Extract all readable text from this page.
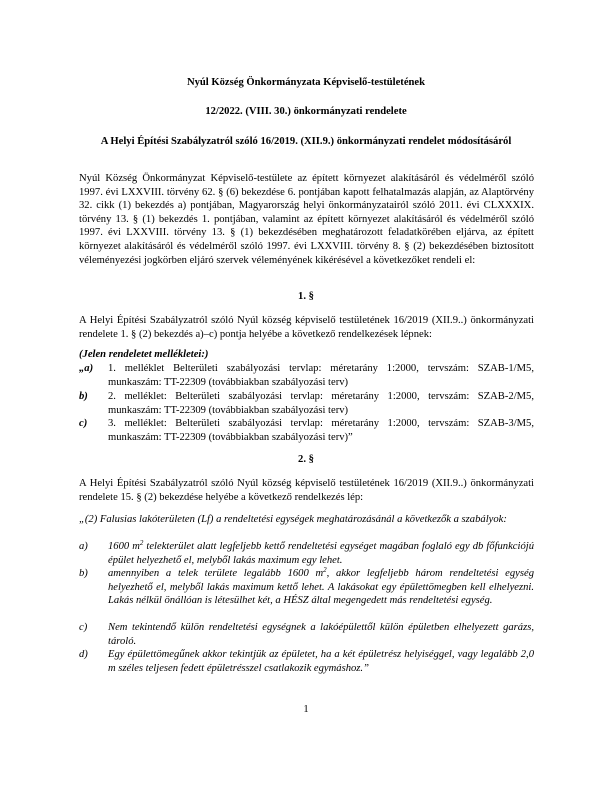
Nyúl Község Önkormányzata Képviselő-testületének
12/2022. (VIII. 30.) önkormányzati rendelete
A Helyi Építési Szabályzatról szóló 16/2019. (XII.9.) önkormányzati rendelet módosításáról
Nyúl Község Önkormányzat Képviselő-testülete az épített környezet alakításáról és védelméről szóló 1997. évi LXXVIII. törvény 62. § (6) bekezdése 6. pontjában kapott felhatalmazás alapján, az Alaptörvény 32. cikk (1) bekezdés a) pontjában, Magyarország helyi önkormányzatairól szóló 2011. évi CLXXXIX. törvény 13. § (1) bekezdés 1. pontjában, valamint az épített környezet alakításáról és védelméről szóló 1997. évi LXXVIII. törvény 13. § (1) bekezdésében meghatározott feladatkörében eljárva, az épített környezet alakításáról és védelméről szóló 1997. évi LXXVIII. törvény 8. § (2) bekezdésében biztosított véleményezési jogkörben eljáró szervek véleményének kikérésével a következőket rendeli el:
1. §
A Helyi Építési Szabályzatról szóló Nyúl község képviselő testületének 16/2019 (XII.9..) önkormányzati rendelete 1. § (2) bekezdés a)–c) pontja helyébe a következő rendelkezések lépnek:
(Jelen rendeletet mellékletei:)
„a)	1. melléklet Belterületi szabályozási tervlap: méretarány 1:2000, tervszám: SZAB-1/M5, munkaszám: TT-22309 (továbbiakban szabályozási terv)
b)	2. melléklet: Belterületi szabályozási tervlap: méretarány 1:2000, tervszám: SZAB-2/M5, munkaszám: TT-22309 (továbbiakban szabályozási terv)
c)	3. melléklet: Belterületi szabályozási tervlap: méretarány 1:2000, tervszám: SZAB-3/M5, munkaszám: TT-22309 (továbbiakban szabályozási terv)”
2. §
A Helyi Építési Szabályzatról szóló Nyúl község képviselő testületének 16/2019 (XII.9..) önkormányzati rendelete 15. § (2) bekezdése helyébe a következő rendelkezés lép:
„(2) Falusias lakóterületen (Lf) a rendeltetési egységek meghatározásánál a következők a szabályok:
a)	1600 $m^2$ telekterület alatt legfeljebb kettő rendeltetési egységet magában foglaló egy db főfunkciójú épület helyezhető el, melyből lakás maximum egy lehet.
b)	amennyiben a telek területe legalább 1600 $m^2$, akkor legfeljebb három rendeltetési egység helyezhető el, melyből lakás maximum kettő lehet. A lakásokat egy épülettömegben kell elhelyezni. Lakás nélkül önállóan is létesülhet két, a HÉSZ által megengedett más rendeltetési egység.
c)	Nem tekintendő külön rendeltetési egységnek a lakóépülettől külön épületben elhelyezett garázs, tároló.
d)	Egy épülettömegűnek akkor tekintjük az épületet, ha a két épületrész helyiséggel, vagy legalább 2,0 m széles teljesen fedett épületrésszel csatlakozik egymáshoz.”
1
